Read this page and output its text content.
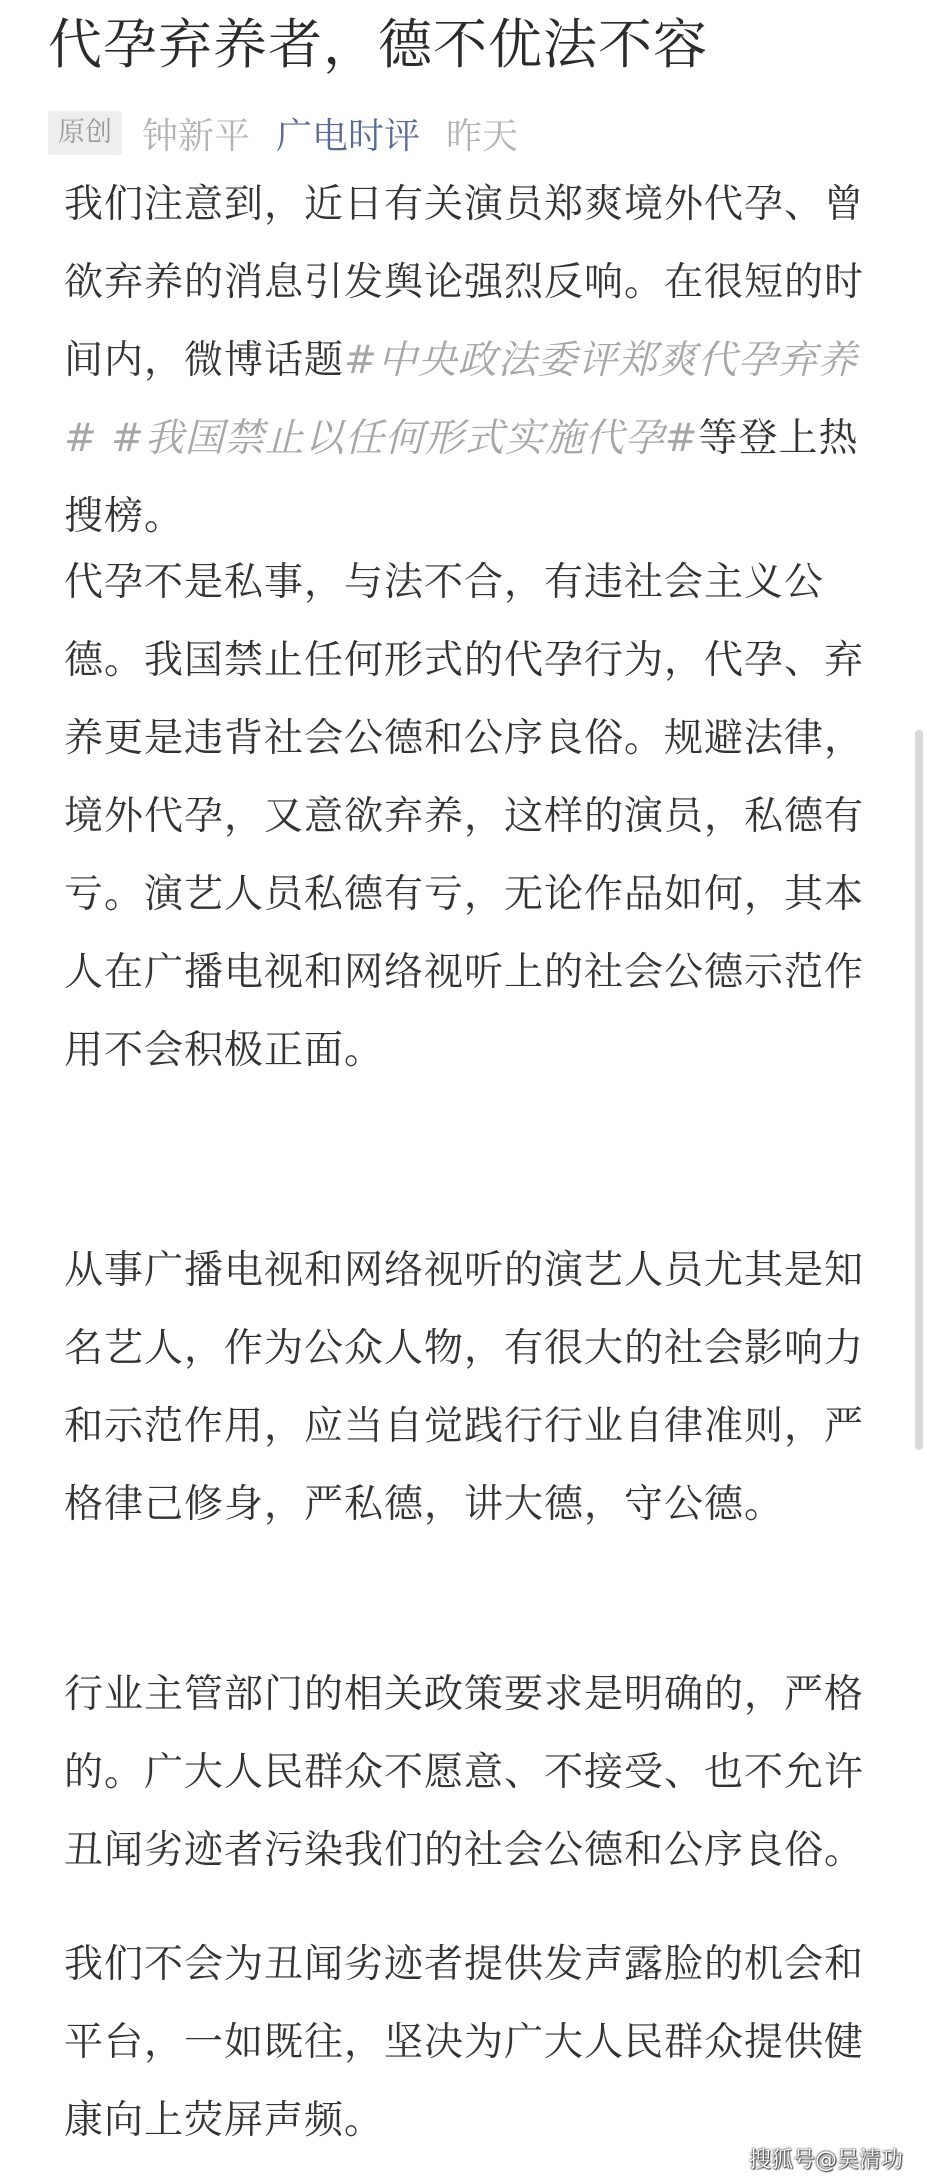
代孕弃养者，德不优法不容
原创 钟新平 广电时评 昨天

我们注意到，近日有关演员郑爽境外代孕、曾欲弃养的消息引发舆论强烈反响。在很短的时间内，微博话题#中央政法委评郑爽代孕弃养# #我国禁止以任何形式实施代孕#等登上热搜榜。

代孕不是私事，与法不合，有违社会主义公德。我国禁止任何形式的代孕行为，代孕、弃养更是违背社会公德和公序良俗。规避法律，境外代孕，又意欲弃养，这样的演员，私德有亏。演艺人员私德有亏，无论作品如何，其本人在广播电视和网络视听上的社会公德示范作用不会积极正面。

从事广播电视和网络视听的演艺人员尤其是知名艺人，作为公众人物，有很大的社会影响力和示范作用，应当自觉践行行业自律准则，严格律己修身，严私德，讲大德，守公德。

行业主管部门的相关政策要求是明确的，严格的。广大人民群众不愿意、不接受、也不允许丑闻劣迹者污染我们的社会公德和公序良俗。

我们不会为丑闻劣迹者提供发声露脸的机会和平台，一如既往，坚决为广大人民群众提供健康向上荧屏声频。

搜狐号@吴清功
